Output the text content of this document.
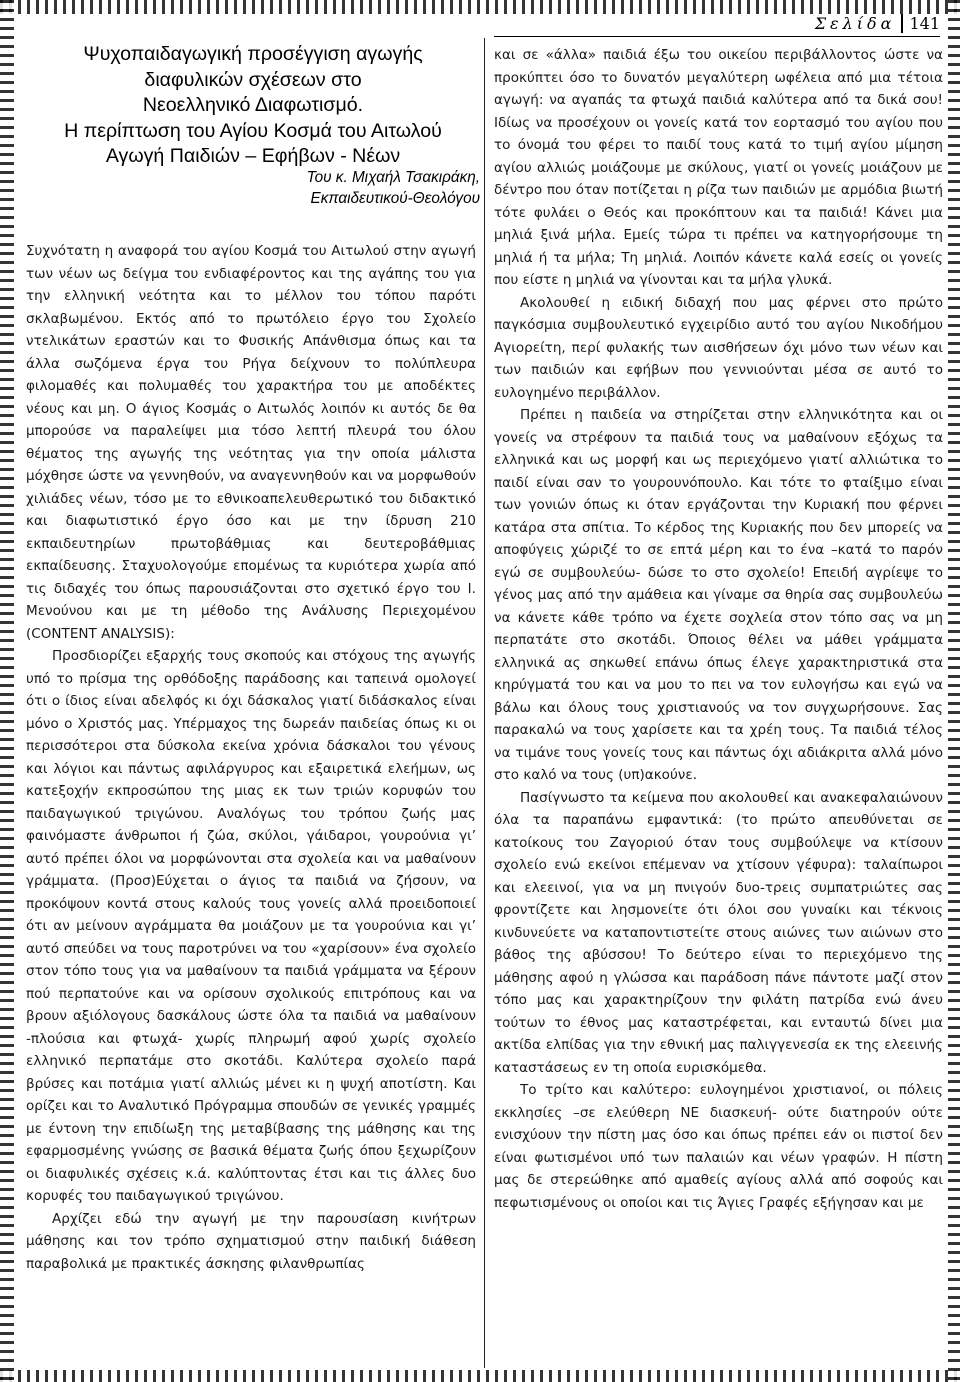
Σελίδα 141
Ψυχοπαιδαγωγική προσέγγιση αγωγής
διαφυλικών σχέσεων στο
Νεοελληνικό Διαφωτισμό.
Η περίπτωση του Αγίου Κοσμά του Αιτωλού
Αγωγή Παιδιών – Εφήβων - Νέων
Του κ. Μιχαήλ Τσακιράκη,
Εκπαιδευτικού-Θεολόγου

Συχνότατη η αναφορά του αγίου Κοσμά του Αιτωλού στην αγωγή των νέων ως δείγμα του ενδιαφέροντος και της αγάπης του για την ελληνική νεότητα και το μέλλον του τόπου παρότι σκλαβωμένου. Εκτός από το πρωτόλειο έργο του Σχολείο ντελικάτων εραστών και το Φυσικής Απάνθισμα όπως και τα άλλα σωζόμενα έργα του Ρήγα δείχνουν το πολύπλευρα φιλομαθές και πολυμαθές του χαρακτήρα του με αποδέκτες νέους και μη. Ο άγιος Κοσμάς ο Αιτωλός λοιπόν κι αυτός δε θα μπορούσε να παραλείψει μια τόσο λεπτή πλευρά του όλου θέματος της αγωγής της νεότητας για την οποία μάλιστα μόχθησε ώστε να γεννηθούν, να αναγεννηθούν και να μορφωθούν χιλιάδες νέων, τόσο με το εθνικοαπελευθερωτικό του διδακτικό και διαφωτιστικό έργο όσο και με την ίδρυση 210 εκπαιδευτηρίων πρωτοβάθμιας και δευτεροβάθμιας εκπαίδευσης. Σταχυολογούμε επομένως τα κυριότερα χωρία από τις διδαχές του όπως παρουσιάζονται στο σχετικό έργο του Ι. Μενούνου και με τη μέθοδο της Ανάλυσης Περιεχομένου (CONTENT ANALYSIS):

Προσδιορίζει εξαρχής τους σκοπούς και στόχους της αγωγής υπό το πρίσμα της ορθόδοξης παράδοσης και ταπεινά ομολογεί ότι ο ίδιος είναι αδελφός κι όχι δάσκαλος γιατί διδάσκαλος είναι μόνο ο Χριστός μας. Υπέρμαχος της δωρεάν παιδείας όπως κι οι περισσότεροι στα δύσκολα εκείνα χρόνια δάσκαλοι του γένους και λόγιοι και πάντως αφιλάργυρος και εξαιρετικά ελεήμων, ως κατεξοχήν εκπροσώπου της μιας εκ των τριών κορυφών του παιδαγωγικού τριγώνου. Αναλόγως του τρόπου ζωής μας φαινόμαστε άνθρωποι ή ζώα, σκύλοι, γάιδαροι, γουρούνια γι’ αυτό πρέπει όλοι να μορφώνονται στα σχολεία και να μαθαίνουν γράμματα. (Προσ)Εύχεται ο άγιος τα παιδιά να ζήσουν, να προκόψουν κοντά στους καλούς τους γονείς αλλά προειδοποιεί ότι αν μείνουν αγράμματα θα μοιάζουν με τα γουρούνια και γι’ αυτό σπεύδει να τους παροτρύνει να του «χαρίσουν» ένα σχολείο στον τόπο τους για να μαθαίνουν τα παιδιά γράμματα να ξέρουν πού περπατούνε και να ορίσουν σχολικούς επιτρόπους και να βρουν αξιόλογους δασκάλους ώστε όλα τα παιδιά να μαθαίνουν -πλούσια και φτωχά- χωρίς πληρωμή αφού χωρίς σχολείο ελληνικό περπατάμε στο σκοτάδι. Καλύτερα σχολείο παρά βρύσες και ποτάμια γιατί αλλιώς μένει κι η ψυχή αποτίστη. Και ορίζει και το Αναλυτικό Πρόγραμμα σπουδών σε γενικές γραμμές με έντονη την επιδίωξη της μεταβίβασης της μάθησης και της εφαρμοσμένης γνώσης σε βασικά θέματα ζωής όπου ξεχωρίζουν οι διαφυλικές σχέσεις κ.ά. καλύπτοντας έτσι και τις άλλες δυο κορυφές του παιδαγωγικού τριγώνου.

Αρχίζει εδώ την αγωγή με την παρουσίαση κινήτρων μάθησης και τον τρόπο σχηματισμού στην παιδική διάθεση παραβολικά με πρακτικές άσκησης φιλανθρωπίας

και σε «άλλα» παιδιά έξω του οικείου περιβάλλοντος ώστε να προκύπτει όσο το δυνατόν μεγαλύτερη ωφέλεια από μια τέτοια αγωγή: να αγαπάς τα φτωχά παιδιά καλύτερα από τα δικά σου! Ιδίως να προσέχουν οι γονείς κατά τον εορτασμό του αγίου που το όνομά του φέρει το παιδί τους κατά το τιμή αγίου μίμηση αγίου αλλιώς μοιάζουμε με σκύλους, γιατί οι γονείς μοιάζουν με δέντρο που όταν ποτίζεται η ρίζα των παιδιών με αρμόδια βιωτή τότε φυλάει ο Θεός και προκόπτουν και τα παιδιά! Κάνει μια μηλιά ξινά μήλα. Εμείς τώρα τι πρέπει να κατηγορήσουμε τη μηλιά ή τα μήλα; Τη μηλιά. Λοιπόν κάνετε καλά εσείς οι γονείς που είστε η μηλιά να γίνονται και τα μήλα γλυκά.

Ακολουθεί η ειδική διδαχή που μας φέρνει στο πρώτο παγκόσμια συμβουλευτικό εγχειρίδιο αυτό του αγίου Νικοδήμου Αγιορείτη, περί φυλακής των αισθήσεων όχι μόνο των νέων και των παιδιών και εφήβων που γεννιούνται μέσα σε αυτό το ευλογημένο περιβάλλον.

Πρέπει η παιδεία να στηρίζεται στην ελληνικότητα και οι γονείς να στρέφουν τα παιδιά τους να μαθαίνουν εξόχως τα ελληνικά και ως μορφή και ως περιεχόμενο γιατί αλλιώτικα το παιδί είναι σαν το γουρουνόπουλο. Και τότε το φταίξιμο είναι των γονιών όπως κι όταν εργάζονται την Κυριακή που φέρνει κατάρα στα σπίτια. Το κέρδος της Κυριακής που δεν μπορείς να αποφύγεις χώριζέ το σε επτά μέρη και το ένα –κατά το παρόν εγώ σε συμβουλεύω- δώσε το στο σχολείο! Επειδή αγρίεψε το γένος μας από την αμάθεια και γίναμε σα θηρία σας συμβουλεύω να κάνετε κάθε τρόπο να έχετε σοχλεία στον τόπο σας να μη περπατάτε στο σκοτάδι. Όποιος θέλει να μάθει γράμματα ελληνικά ας σηκωθεί επάνω όπως έλεγε χαρακτηριστικά στα κηρύγματά του και να μου το πει να τον ευλογήσω και εγώ να βάλω και όλους τους χριστιανούς να τον συγχωρήσουνε. Σας παρακαλώ να τους χαρίσετε και τα χρέη τους. Τα παιδιά τέλος να τιμάνε τους γονείς τους και πάντως όχι αδιάκριτα αλλά μόνο στο καλό να τους (υπ)ακούνε.

Πασίγνωστο τα κείμενα που ακολουθεί και ανακεφαλαιώνουν όλα τα παραπάνω εμφαντικά: (το πρώτο απευθύνεται σε κατοίκους του Ζαγοριού όταν τους συμβούλεψε να κτίσουν σχολείο ενώ εκείνοι επέμεναν να χτίσουν γέφυρα): ταλαίπωροι και ελεεινοί, για να μη πνιγούν δυο-τρεις συμπατριώτες σας φροντίζετε και λησμονείτε ότι όλοι σου γυναίκι και τέκνοις κινδυνεύετε να καταποντιστείτε στους αιώνες των αιώνων στο βάθος της αβύσσου! Το δεύτερο είναι το περιεχόμενο της μάθησης αφού η γλώσσα και παράδοση πάνε πάντοτε μαζί στον τόπο μας και χαρακτηρίζουν την φιλάτη πατρίδα ενώ άνευ τούτων το έθνος μας καταστρέφεται, και ενταυτώ δίνει μια ακτίδα ελπίδας για την εθνική μας παλιγγενεσία εκ της ελεεινής καταστάσεως εν τη οποία ευρισκόμεθα.

Το τρίτο και καλύτερο: ευλογημένοι χριστιανοί, οι πόλεις εκκλησίες –σε ελεύθερη ΝΕ διασκευή- ούτε διατηρούν ούτε ενισχύουν την πίστη μας όσο και όπως πρέπει εάν οι πιστοί δεν είναι φωτισμένοι υπό των παλαιών και νέων γραφών. Η πίστη μας δε στερεώθηκε από αμαθείς αγίους αλλά από σοφούς και πεφωτισμένους οι οποίοι και τις Άγιες Γραφές εξήγησαν και με
